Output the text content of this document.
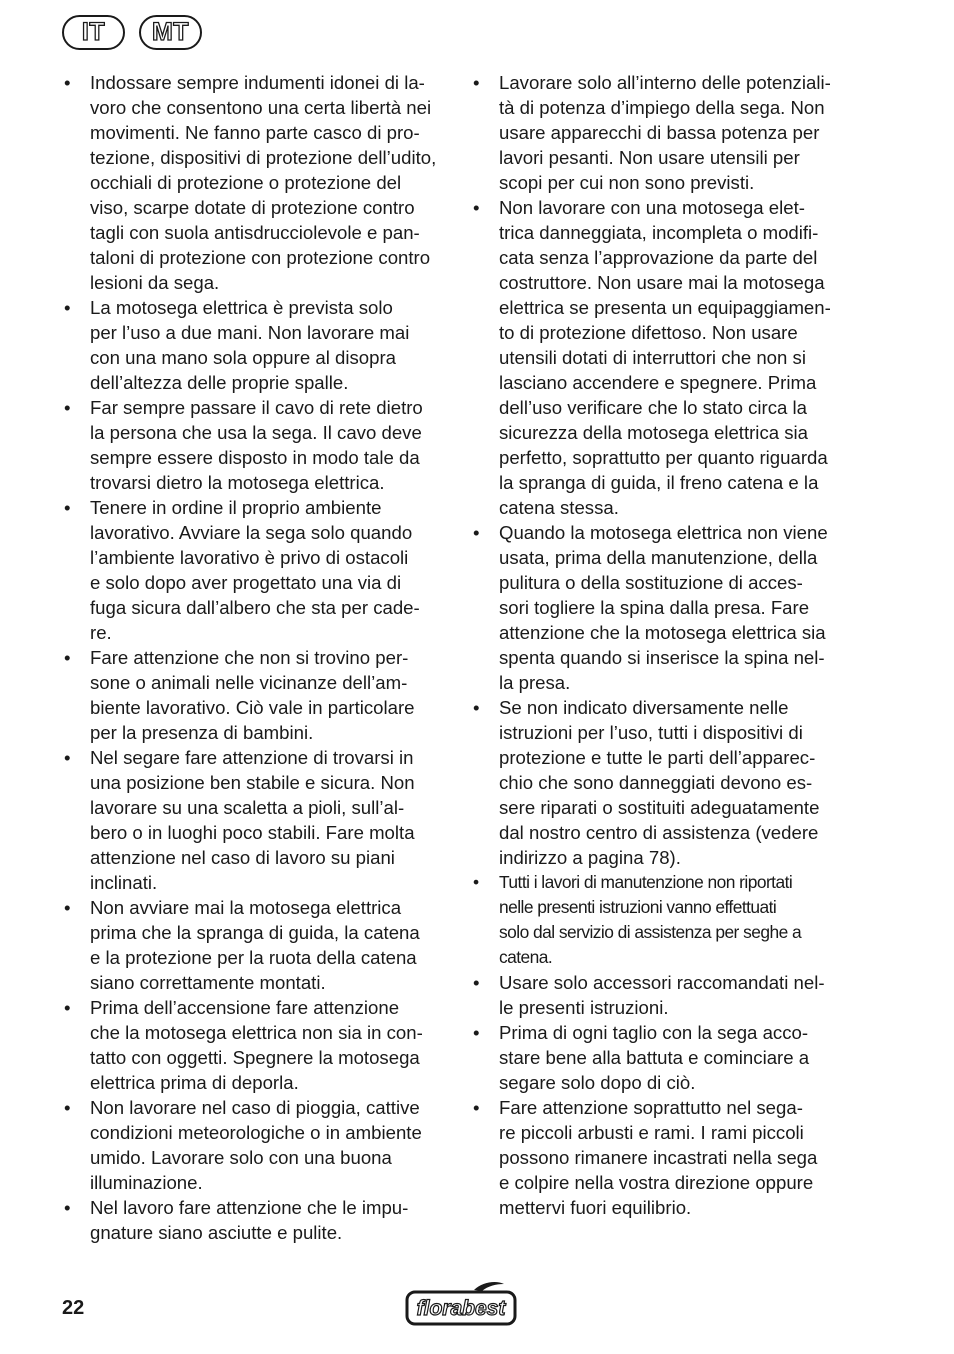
IT	MT
• Indossare sempre indumenti idonei di la-
voro che consentono una certa libertà nei
movimenti. Ne fanno parte casco di pro-
tezione, dispositivi di protezione dell’udito,
occhiali di protezione o protezione del
viso, scarpe dotate di protezione contro
tagli con suola antisdrucciolevole e pan-
taloni di protezione con protezione contro
lesioni da sega.
• La motosega elettrica è prevista solo
per l’uso a due mani. Non lavorare mai
con una mano sola oppure al disopra
dell’altezza delle proprie spalle.
• Far sempre passare il cavo di rete dietro
la persona che usa la sega. Il cavo deve
sempre essere disposto in modo tale da
trovarsi dietro la motosega elettrica.
• Tenere in ordine il proprio ambiente
lavorativo. Avviare la sega solo quando
l’ambiente lavorativo è privo di ostacoli
e solo dopo aver progettato una via di
fuga sicura dall’albero che sta per cade-
re.
• Fare attenzione che non si trovino per-
sone o animali nelle vicinanze dell’am-
biente lavorativo. Ciò vale in particolare
per la presenza di bambini.
• Nel segare fare attenzione di trovarsi in
una posizione ben stabile e sicura. Non
lavorare su una scaletta a pioli, sull’al-
bero o in luoghi poco stabili. Fare molta
attenzione nel caso di lavoro su piani
inclinati.
• Non avviare mai la motosega elettrica
prima che la spranga di guida, la catena
e la protezione per la ruota della catena
siano correttamente montati.
• Prima dell’accensione fare attenzione
che la motosega elettrica non sia in con-
tatto con oggetti. Spegnere la motosega
elettrica prima di deporla.
• Non lavorare nel caso di pioggia, cattive
condizioni meteorologiche o in ambiente
umido. Lavorare solo con una buona
illuminazione.
• Nel lavoro fare attenzione che le impu-
gnature siano asciutte e pulite.
• Lavorare solo all’interno delle potenziali-
tà di potenza d’impiego della sega. Non
usare apparecchi di bassa potenza per
lavori pesanti. Non usare utensili per
scopi per cui non sono previsti.
• Non lavorare con una motosega elet-
trica danneggiata, incompleta o modifi-
cata senza l’approvazione da parte del
costruttore. Non usare mai la motosega
elettrica se presenta un equipaggiamen-
to di protezione difettoso. Non usare
utensili dotati di interruttori che non si
lasciano accendere e spegnere. Prima
dell’uso verificare che lo stato circa la
sicurezza della motosega elettrica sia
perfetto, soprattutto per quanto riguarda
la spranga di guida, il freno catena e la
catena stessa.
• Quando la motosega elettrica non viene
usata, prima della manutenzione, della
pulitura o della sostituzione di acces-
sori togliere la spina dalla presa. Fare
attenzione che la motosega elettrica sia
spenta quando si inserisce la spina nel-
la presa.
• Se non indicato diversamente nelle
istruzioni per l’uso, tutti i dispositivi di
protezione e tutte le parti dell’apparec-
chio che sono danneggiati devono es-
sere riparati o sostituiti adeguatamente
dal nostro centro di assistenza (vedere
indirizzo a pagina 78).
• Tutti i lavori di manutenzione non riportati
nelle presenti istruzioni vanno effettuati
solo dal servizio di assistenza per seghe a
catena.
• Usare solo accessori raccomandati nel-
le presenti istruzioni.
• Prima di ogni taglio con la sega acco-
stare bene alla battuta e cominciare a
segare solo dopo di ciò.
• Fare attenzione soprattutto nel sega-
re piccoli arbusti e rami. I rami piccoli
possono rimanere incastrati nella sega
e colpire nella vostra direzione oppure
mettervi fuori equilibrio.
22	florabest
